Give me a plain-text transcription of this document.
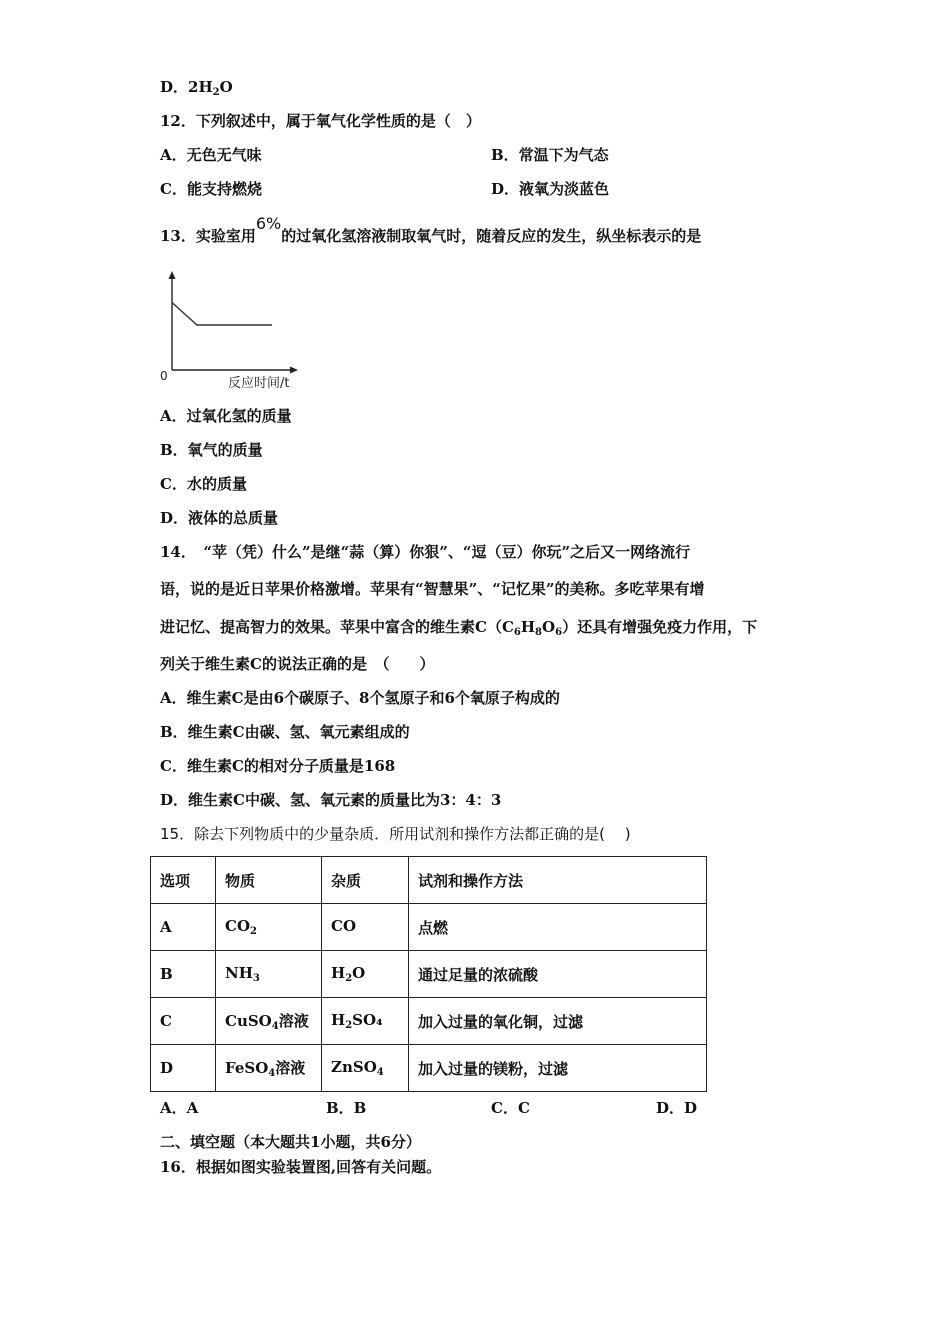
D．$2H_2O$
12．下列叙述中，属于氧气化学性质的是（　）
A．无色无气味	B．常温下为气态
C．能支持燃烧	D．液氧为淡蓝色
13．实验室用6%的过氧化氢溶液制取氧气时，随着反应的发生，纵坐标表示的是
0	反应时间/t
A．过氧化氢的质量
B．氧气的质量
C．水的质量
D．液体的总质量
14．　“苹（凭）什么”是继“蒜（算）你狠”、“逗（豆）你玩”之后又一网络流行
语，说的是近日苹果价格激增。苹果有“智慧果”、“记忆果”的美称。多吃苹果有增
进记忆、提高智力的效果。苹果中富含的维生素$C(C_6H_8O_6)$还具有增强免疫力作用，下
列关于维生素C的说法正确的是　（　　）
A．维生素C是由6个碳原子、8个氢原子和6个氧原子构成的
B．维生素C由碳、氢、氧元素组成的
C．维生素C的相对分子质量是168
D．维生素C中碳、氢、氧元素的质量比为3：4：3
15．除去下列物质中的少量杂质．所用试剂和操作方法都正确的是(　 )
选项	物质	杂质	试剂和操作方法
A	$CO_2$	CO	点燃
B	$NH_3$	$H_2O$	通过足量的浓硫酸
C	CuSO$_4$溶液	$H_2SO_4$	加入过量的氧化铜，过滤
D	FeSO$_4$溶液	ZnSO$_4$	加入过量的镁粉，过滤
A．A	B．B	C．C	D．D
二、填空题（本大题共1小题，共6分）
16．根据如图实验装置图,回答有关问题。
